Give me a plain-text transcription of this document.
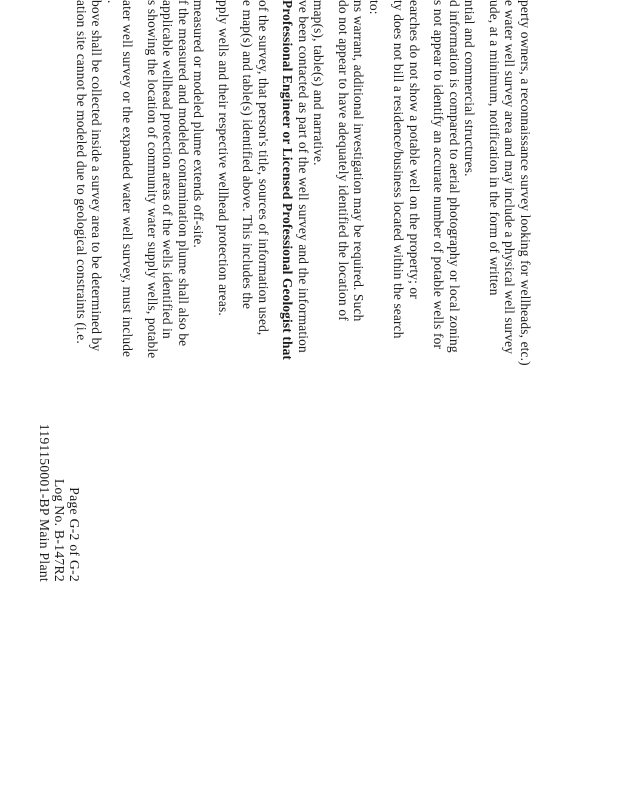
1191150001-BP Main Plant Log No. B-147R2 Page G-2 of G-2
ation site cannot be modeled due to geological constraints (i.e. bove shall be collected inside a survey area to be determined by . ater well survey or the expanded water well survey, must include s showing the location of community water supply wells, potable applicable wellhead protection areas of the wells identified in f the measured and modeled contamination plume shall also be measured or modeled plume extends off-site. pply wells and their respective wellhead protection areas. e map(s) and table(s) identified above. This includes the of the survey, that person's title, sources of information used, Professional Engineer or Licensed Professional Geologist that ve been contacted as part of the well survey and the information map(s), table(s) and narrative. do not appear to have adequately identified the location of ns warrant, additional investigation may be required. Such to: ty does not bill a residence/business located within the search earches do not show a potable well on the property; or s not appear to identify an accurate number of potable wells for d information is compared to aerial photography or local zoning ntial and commercial structures. ude, at a minimum, notification in the form of written e water well survey area and may include a physical well survey perty owners, a reconnaissance survey looking for wellheads, etc.)
